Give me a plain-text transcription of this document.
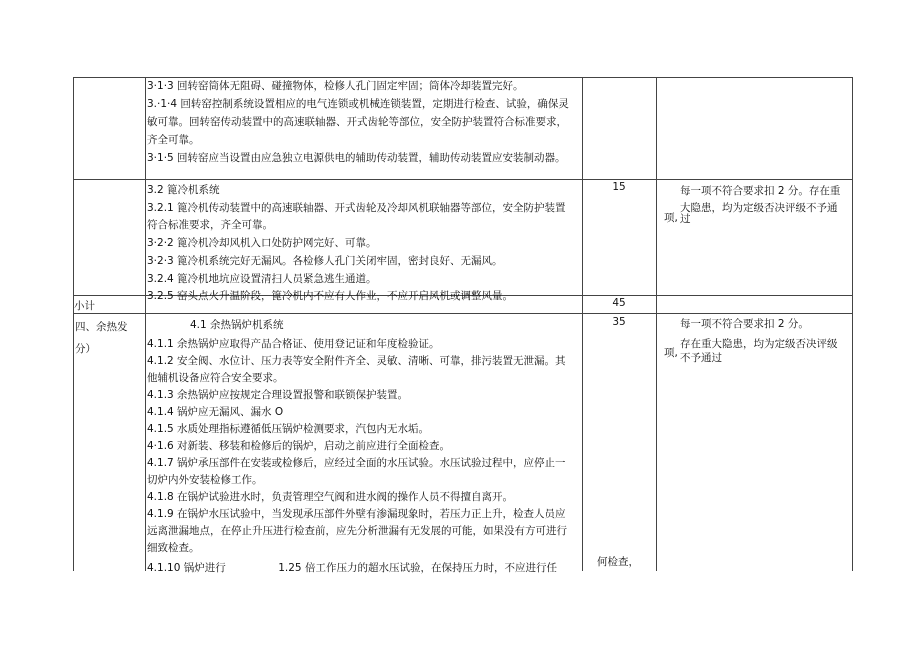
3·1·3 回转窑筒体无阻碍、碰撞物体，检修人孔门固定牢固；筒体冷却装置完好。
3.·1·4 回转窑控制系统设置相应的电气连锁或机械连锁装置，定期进行检查、试验，确保灵
敏可靠。回转窑传动装置中的高速联轴器、开式齿轮等部位，安全防护装置符合标准要求，
齐全可靠。
3·1·5 回转窑应当设置由应急独立电源供电的辅助传动装置，辅助传动装置应安装制动器。
3.2 篦冷机系统
3.2.1 篦冷机传动装置中的高速联轴器、开式齿轮及冷却风机联轴器等部位，安全防护装置
符合标准要求，齐全可靠。
3·2·2 篦冷机冷却风机入口处防护网完好、可靠。
3·2·3 篦冷机系统完好无漏风。各检修人孔门关闭牢固，密封良好、无漏风。
3.2.4 篦冷机地坑应设置清扫人员紧急逃生通道。
3.2.5 窑头点火升温阶段，篦冷机内不应有人作业，不应开启风机或调整风量。
15	每一项不符合要求扣 2 分。存在重
大隐患，均为定级否决评级不予通
项, 过
小计	45
四、余热发
分）
4.1 余热锅炉机系统
4.1.1 余热锅炉应取得产品合格证、使用登记证和年度检验证。
4.1.2 安全阀、水位计、压力表等安全附件齐全、灵敏、清晰、可靠，排污装置无泄漏。其
他辅机设备应符合安全要求。
4.1.3 余热锅炉应按规定合理设置报警和联锁保护装置。
4.1.4 锅炉应无漏风、漏水 O
4.1.5 水质处理指标遵循低压锅炉检测要求，汽包内无水垢。
4·1.6 对新装、移装和检修后的锅炉，启动之前应进行全面检查。
4.1.7 锅炉承压部件在安装或检修后，应经过全面的水压试验。水压试验过程中，应停止一
切炉内外安装检修工作。
4.1.8 在锅炉试验进水时，负责管理空气阀和进水阀的操作人员不得擅自离开。
4.1.9 在锅炉水压试验中，当发现承压部件外壁有渗漏现象时，若压力正上升，检查人员应
远离泄漏地点，在停止升压进行检查前，应先分析泄漏有无发展的可能，如果没有方可进行
细致检查。
4.1.10 锅炉进行　　　　　1.25 倍工作压力的超水压试验，在保持压力时，不应进行任
35
何检查，
每一项不符合要求扣 2 分。
存在重大隐患，均为定级否决评级
项, 不予通过
